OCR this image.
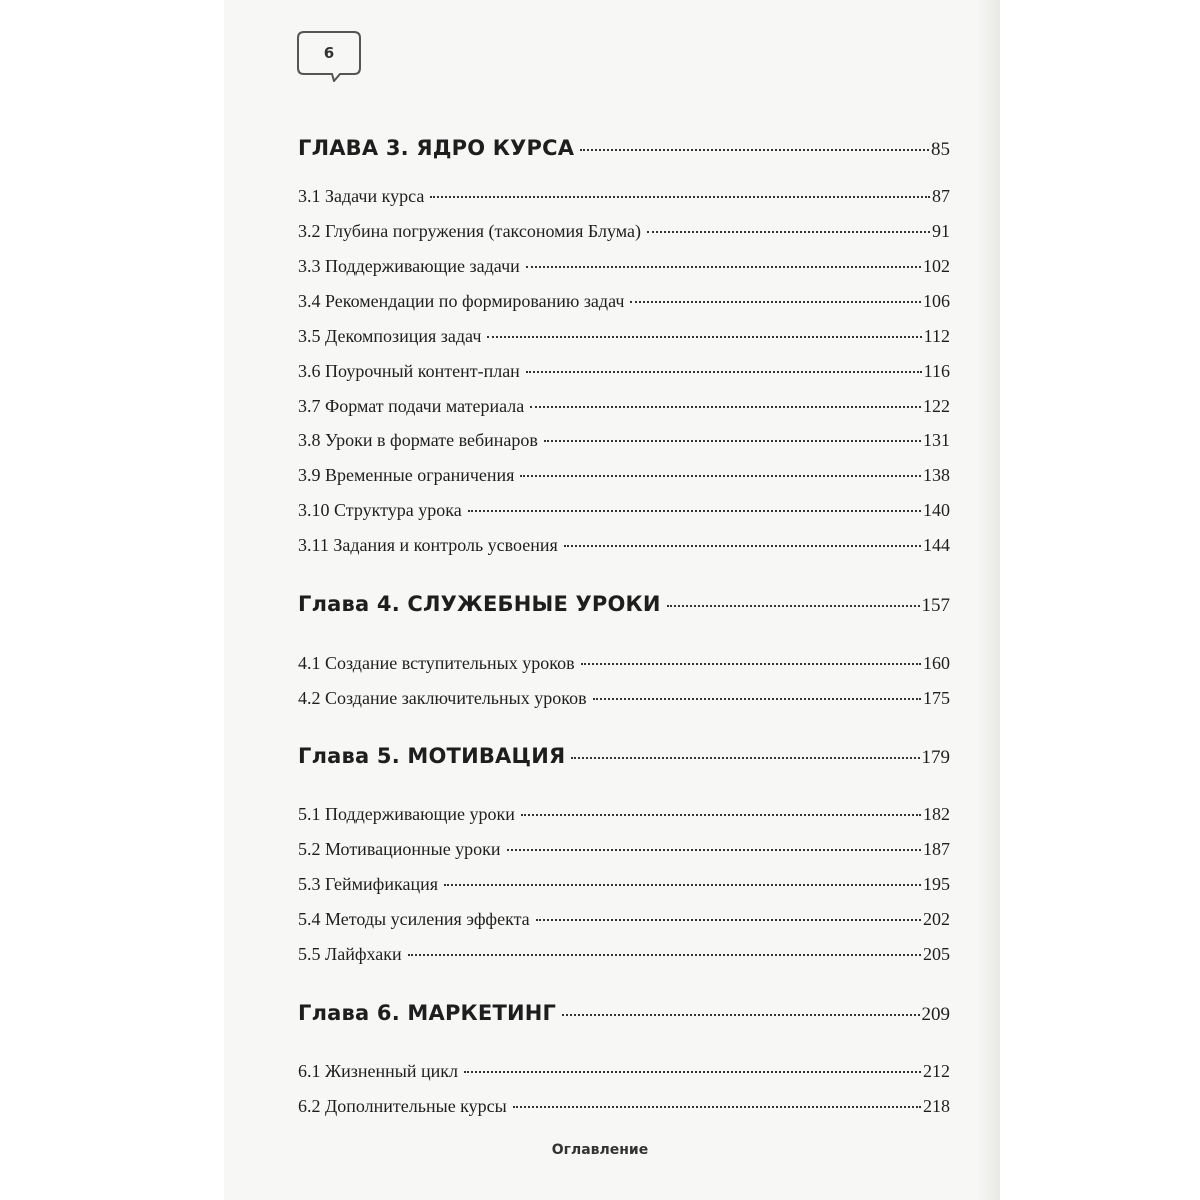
6
ГЛАВА 3. ЯДРО КУРСА	85
3.1 Задачи курса	87
3.2 Глубина погружения (таксономия Блума)	91
3.3 Поддерживающие задачи	102
3.4 Рекомендации по формированию задач	106
3.5 Декомпозиция задач	112
3.6 Поурочный контент-план	116
3.7 Формат подачи материала	122
3.8 Уроки в формате вебинаров	131
3.9 Временные ограничения	138
3.10 Структура урока	140
3.11 Задания и контроль усвоения	144
Глава 4. СЛУЖЕБНЫЕ УРОКИ	157
4.1 Создание вступительных уроков	160
4.2 Создание заключительных уроков	175
Глава 5. МОТИВАЦИЯ	179
5.1 Поддерживающие уроки	182
5.2 Мотивационные уроки	187
5.3 Геймификация	195
5.4 Методы усиления эффекта	202
5.5 Лайфхаки	205
Глава 6. МАРКЕТИНГ	209
6.1 Жизненный цикл	212
6.2 Дополнительные курсы	218
Оглавление
